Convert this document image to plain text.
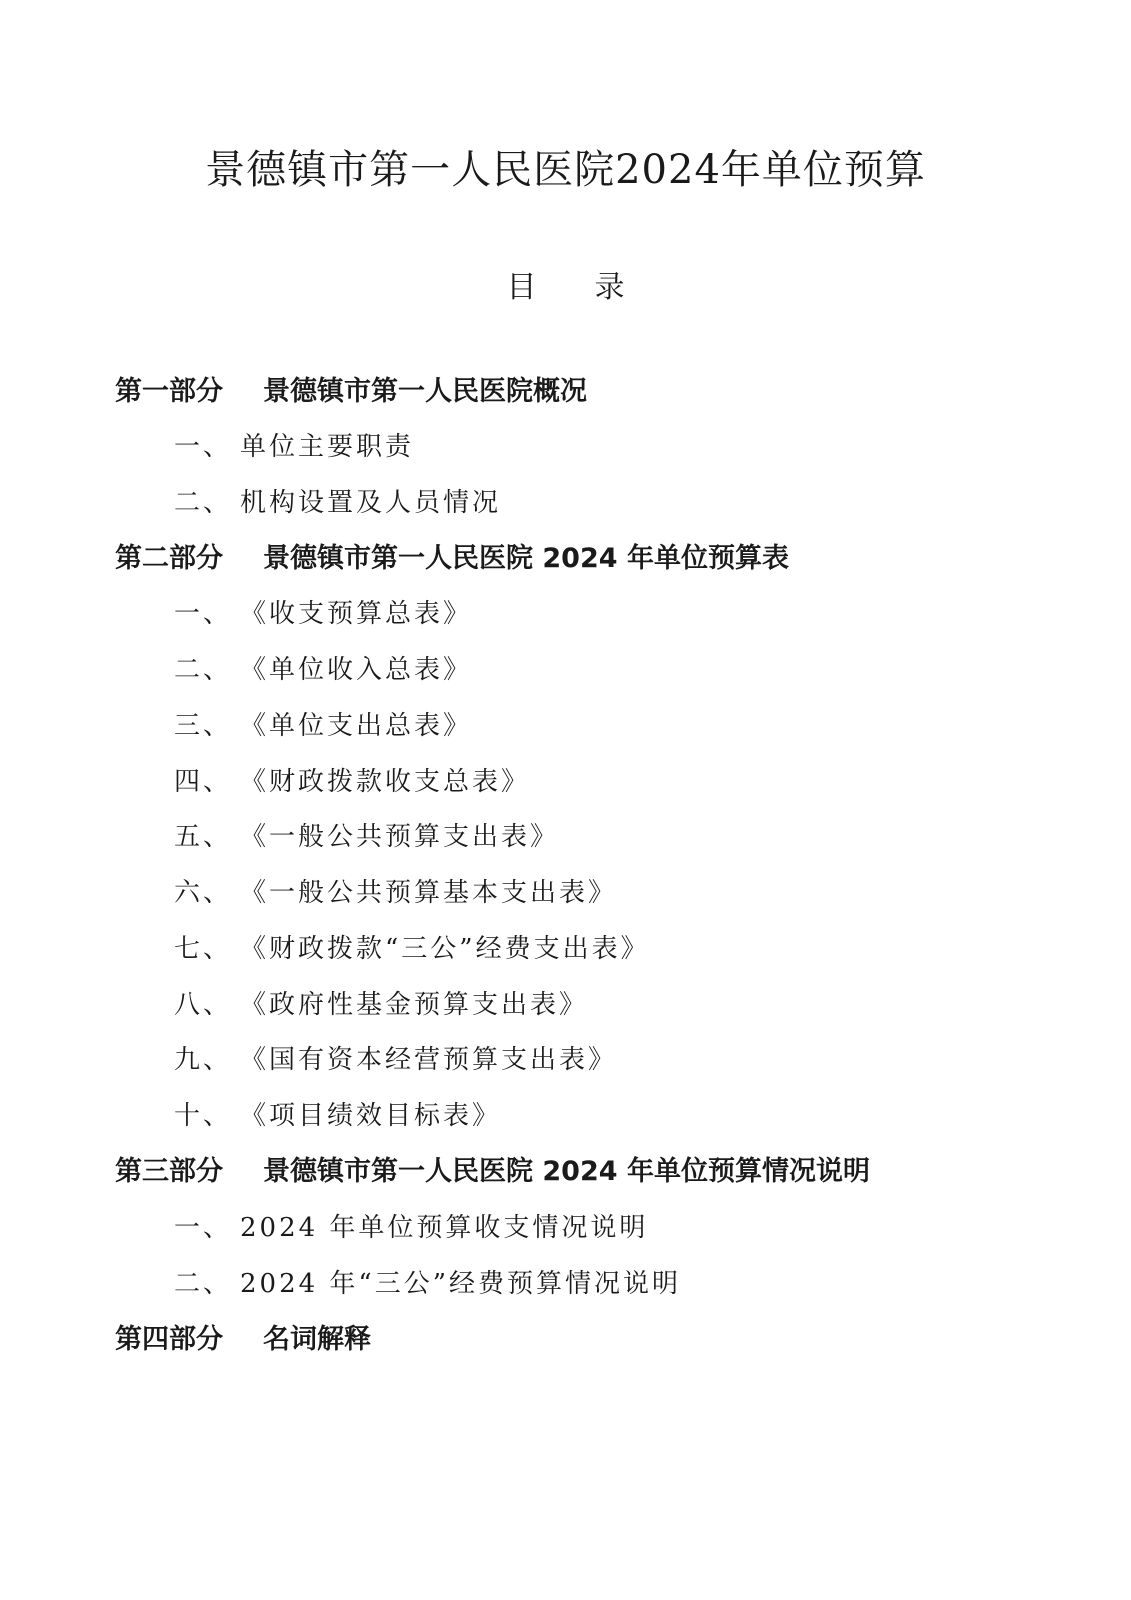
景德镇市第一人民医院2024年单位预算
目 录
第一部分 景德镇市第一人民医院概况
一、 单位主要职责
二、 机构设置及人员情况
第二部分 景德镇市第一人民医院 2024 年单位预算表
一、 《收支预算总表》
二、 《单位收入总表》
三、 《单位支出总表》
四、 《财政拨款收支总表》
五、 《一般公共预算支出表》
六、 《一般公共预算基本支出表》
七、 《财政拨款“三公”经费支出表》
八、 《政府性基金预算支出表》
九、 《国有资本经营预算支出表》
十、 《项目绩效目标表》
第三部分 景德镇市第一人民医院 2024 年单位预算情况说明
一、 2024 年单位预算收支情况说明
二、 2024 年“三公”经费预算情况说明
第四部分 名词解释
